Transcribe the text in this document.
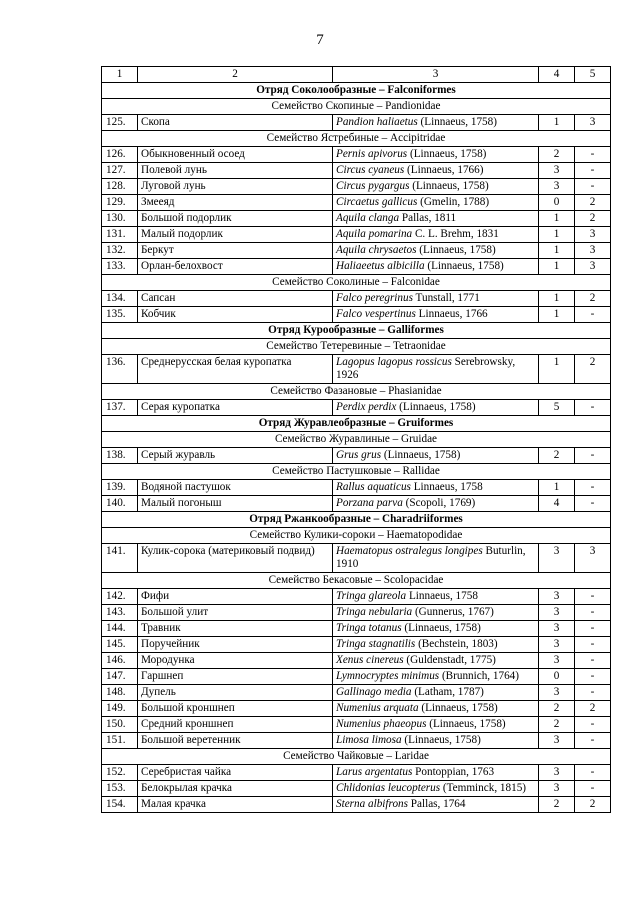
7
1	2	3	4	5
Отряд Соколообразные – Falconiformes				
Семейство Скопиные – Pandionidae				
125.	Скопа	Pandion haliaetus (Linnaeus, 1758)	1	3
Семейство Ястребиные – Accipitridae				
126.	Обыкновенный осоед	Pernis apivorus (Linnaeus, 1758)	2	-
127.	Полевой лунь	Circus cyaneus (Linnaeus, 1766)	3	-
128.	Луговой лунь	Circus pygargus (Linnaeus, 1758)	3	-
129.	Змееяд	Circaetus gallicus (Gmelin, 1788)	0	2
130.	Большой подорлик	Aquila clanga Pallas, 1811	1	2
131.	Малый подорлик	Aquila pomarina C. L. Brehm, 1831	1	3
132.	Беркут	Aquila chrysaetos (Linnaeus, 1758)	1	3
133.	Орлан-белохвост	Haliaeetus albicilla (Linnaeus, 1758)	1	3
Семейство Соколиные – Falconidae				
134.	Сапсан	Falco peregrinus Tunstall, 1771	1	2
135.	Кобчик	Falco vespertinus Linnaeus, 1766	1	-
Отряд Курообразные – Galliformes				
Семейство Тетеревиные – Tetraonidae				
136.	Среднерусская белая куропатка	Lagopus lagopus rossicus Serebrowsky, 1926	1	2
Семейство Фазановые – Phasianidae				
137.	Серая куропатка	Perdix perdix (Linnaeus, 1758)	5	-
Отряд Журавлеобразные – Gruiformes				
Семейство Журавлиные – Gruidae				
138.	Серый журавль	Grus grus (Linnaeus, 1758)	2	-
Семейство Пастушковые – Rallidae				
139.	Водяной пастушок	Rallus aquaticus Linnaeus, 1758	1	-
140.	Малый погоныш	Porzana parva (Scopoli, 1769)	4	-
Отряд Ржанкообразные – Charadriiformes				
Семейство Кулики-сороки – Haematopodidae				
141.	Кулик-сорока (материковый подвид)	Haematopus ostralegus longipes Buturlin, 1910	3	3
Семейство Бекасовые – Scolopacidae				
142.	Фифи	Tringa glareola Linnaeus, 1758	3	-
143.	Большой улит	Tringa nebularia (Gunnerus, 1767)	3	-
144.	Травник	Tringa totanus (Linnaeus, 1758)	3	-
145.	Поручейник	Tringa stagnatilis (Bechstein, 1803)	3	-
146.	Мородунка	Xenus cinereus (Guldenstadt, 1775)	3	-
147.	Гаршнеп	Lymnocryptes minimus (Brunnich, 1764)	0	-
148.	Дупель	Gallinago media (Latham, 1787)	3	-
149.	Большой кроншнеп	Numenius arquata (Linnaeus, 1758)	2	2
150.	Средний кроншнеп	Numenius phaeopus (Linnaeus, 1758)	2	-
151.	Большой веретенник	Limosa limosa (Linnaeus, 1758)	3	-
Семейство Чайковые – Laridae				
152.	Серебристая чайка	Larus argentatus Pontoppian, 1763	3	-
153.	Белокрылая крачка	Chlidonias leucopterus (Temminck, 1815)	3	-
154.	Малая крачка	Sterna albifrons Pallas, 1764	2	2
